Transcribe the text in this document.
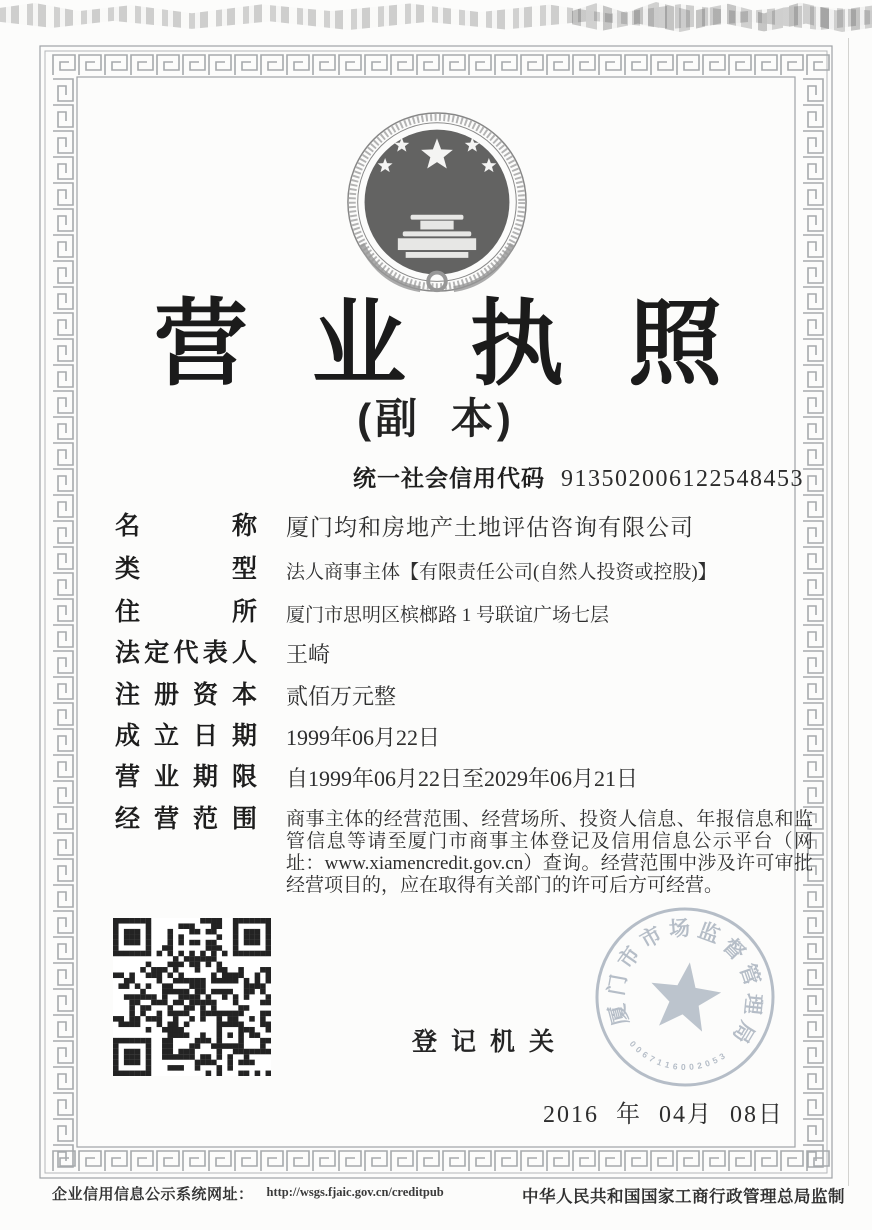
营 业 执 照
(副 本)
统一社会信用代码 913502006122548453
名称 厦门均和房地产土地评估咨询有限公司
类型 法人商事主体【有限责任公司(自然人投资或控股)】
住所 厦门市思明区槟榔路 1 号联谊广场七层
法定代表人 王崎
注册资本 贰佰万元整
成立日期 1999年06月22日
营业期限 自1999年06月22日至2029年06月21日
经营范围 商事主体的经营范围、经营场所、投资人信息、年报信息和监管信息等请至厦门市商事主体登记及信用信息公示平台（网址：www.xiamencredit.gov.cn）查询。经营范围中涉及许可审批经营项目的，应在取得有关部门的许可后方可经营。
登记机关
厦
门
市
市 场 监
督
管
理
局
3
5
0
2
0
0
6
1
1
7
6
0
0
2016 年 04月 08日
企业信用信息公示系统网址： http://wsgs.fjaic.gov.cn/creditpub	中华人民共和国国家工商行政管理总局监制
